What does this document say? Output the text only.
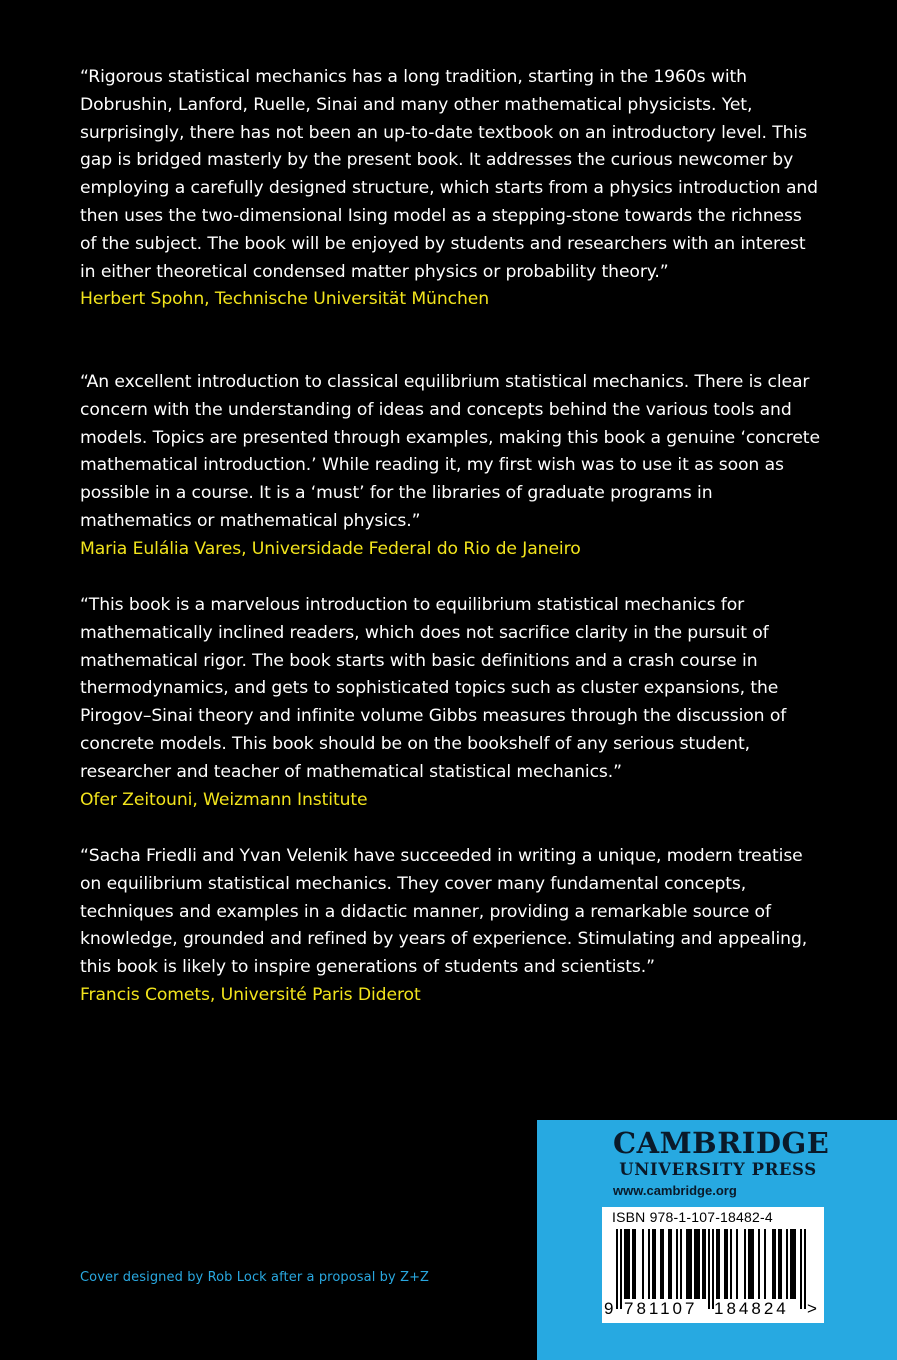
“Rigorous statistical mechanics has a long tradition, starting in the 1960s with Dobrushin, Lanford, Ruelle, Sinai and many other mathematical physicists. Yet, surprisingly, there has not been an up-to-date textbook on an introductory level. This gap is bridged masterly by the present book. It addresses the curious newcomer by employing a carefully designed structure, which starts from a physics introduction and then uses the two-dimensional Ising model as a stepping-stone towards the richness of the subject. The book will be enjoyed by students and researchers with an interest in either theoretical condensed matter physics or probability theory.”

Herbert Spohn, Technische Universität München

“An excellent introduction to classical equilibrium statistical mechanics. There is clear concern with the understanding of ideas and concepts behind the various tools and models. Topics are presented through examples, making this book a genuine ‘concrete mathematical introduction.’ While reading it, my first wish was to use it as soon as possible in a course. It is a ‘must’ for the libraries of graduate programs in mathematics or mathematical physics.”

Maria Eulália Vares, Universidade Federal do Rio de Janeiro

“This book is a marvelous introduction to equilibrium statistical mechanics for mathematically inclined readers, which does not sacrifice clarity in the pursuit of mathematical rigor. The book starts with basic definitions and a crash course in thermodynamics, and gets to sophisticated topics such as cluster expansions, the Pirogov–Sinai theory and infinite volume Gibbs measures through the discussion of concrete models. This book should be on the bookshelf of any serious student, researcher and teacher of mathematical statistical mechanics.”

Ofer Zeitouni, Weizmann Institute

“Sacha Friedli and Yvan Velenik have succeeded in writing a unique, modern treatise on equilibrium statistical mechanics. They cover many fundamental concepts, techniques and examples in a didactic manner, providing a remarkable source of knowledge, grounded and refined by years of experience. Stimulating and appealing, this book is likely to inspire generations of students and scientists.”

Francis Comets, Université Paris Diderot

Cover designed by Rob Lock after a proposal by Z+Z
CAMBRIDGE
UNIVERSITY PRESS
www.cambridge.org
ISBN 978-1-107-18482-4
9 781107 184824 >
